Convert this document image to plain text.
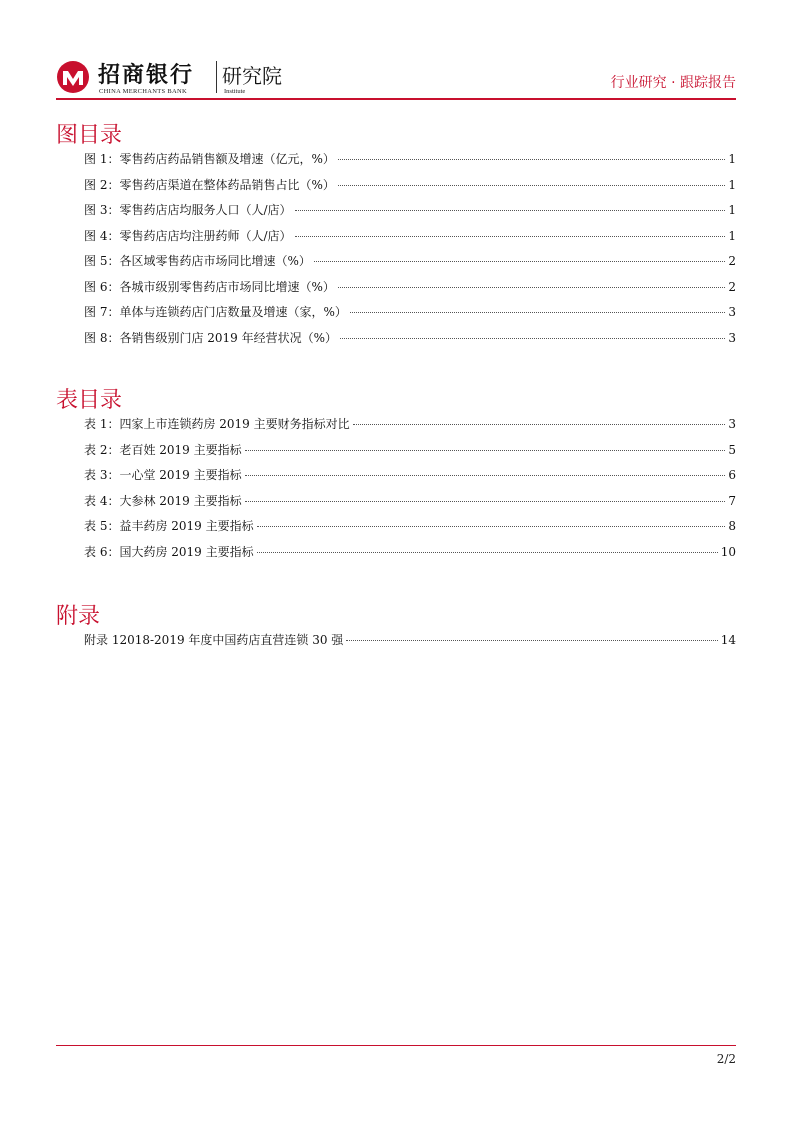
招商银行
CHINA MERCHANTS BANK
研究院
Institute
行业研究 · 跟踪报告
图目录
图 1：零售药店药品销售额及增速（亿元，%）	1
图 2：零售药店渠道在整体药品销售占比（%）	1
图 3：零售药店店均服务人口（人/店）	1
图 4：零售药店店均注册药师（人/店）	1
图 5：各区域零售药店市场同比增速（%）	2
图 6：各城市级别零售药店市场同比增速（%）	2
图 7：单体与连锁药店门店数量及增速（家，%）	3
图 8：各销售级别门店 2019 年经营状况（%）	3
表目录
表 1：四家上市连锁药房 2019 主要财务指标对比	3
表 2：老百姓 2019 主要指标	5
表 3：一心堂 2019 主要指标	6
表 4：大参林 2019 主要指标	7
表 5：益丰药房 2019 主要指标	8
表 6：国大药房 2019 主要指标	10
附录
附录 12018-2019 年度中国药店直营连锁 30 强	14
2/2
